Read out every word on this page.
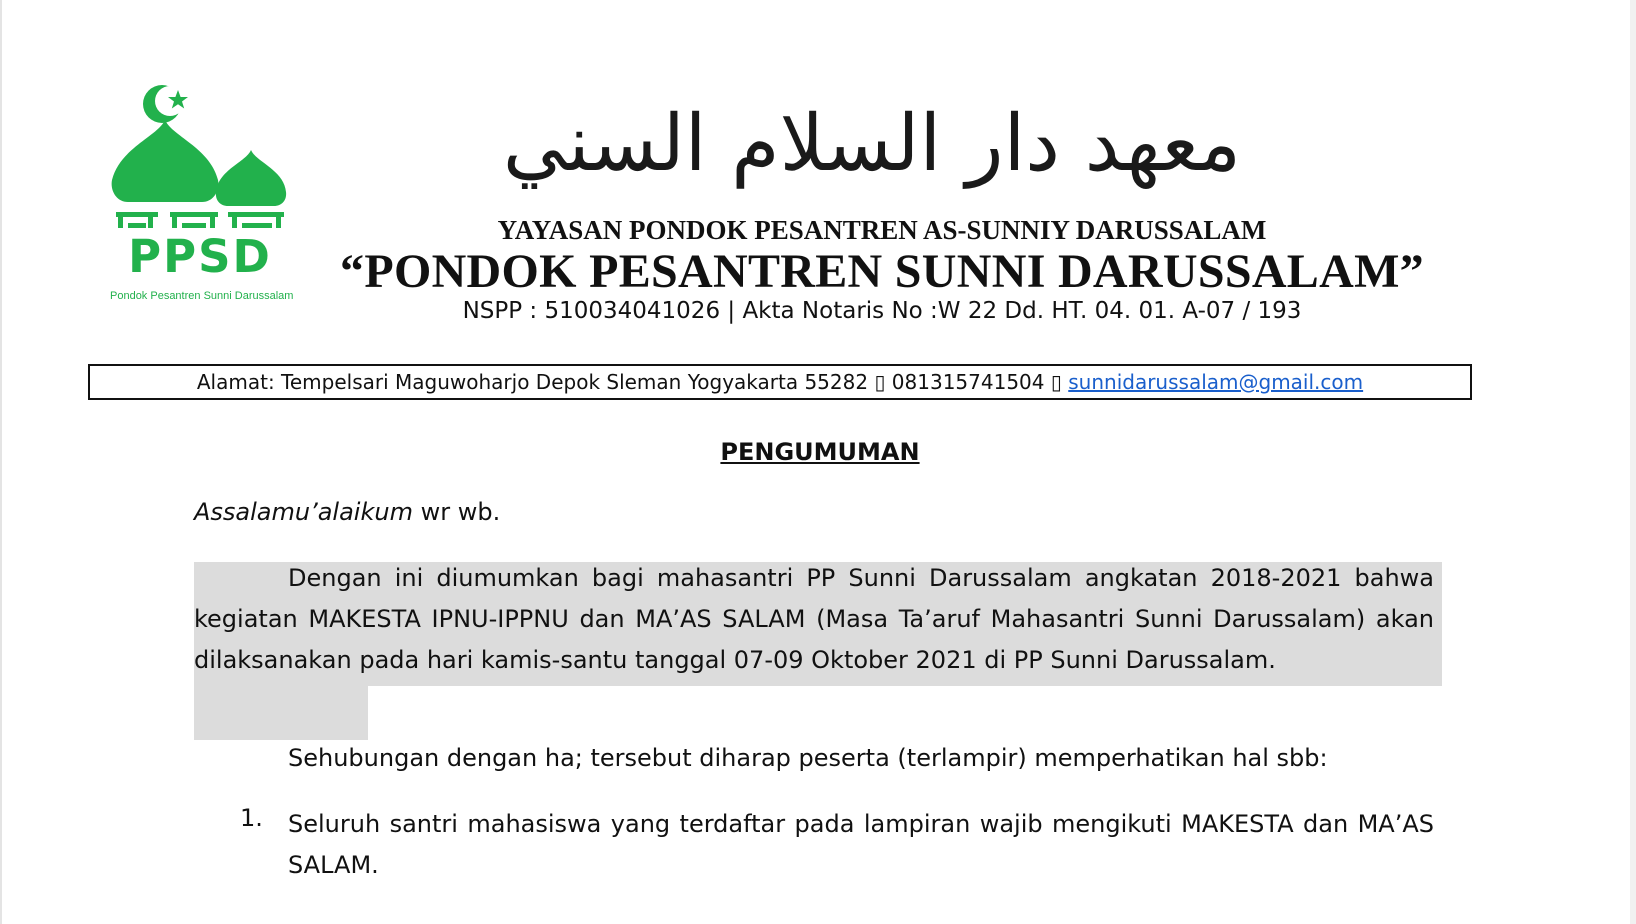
PPSD
Pondok Pesantren Sunni Darussalam
معهد دار السلام السني
YAYASAN PONDOK PESANTREN AS-SUNNIY DARUSSALAM
“PONDOK PESANTREN SUNNI DARUSSALAM”
NSPP : 510034041026 | Akta Notaris No :W 22 Dd. HT. 04. 01. A-07 / 193
Alamat: Tempelsari Maguwoharjo Depok Sleman Yogyakarta 55282 ▯ 081315741504 ▯ sunnidarussalam@gmail.com
PENGUMUMAN
Assalamu’alaikum wr wb.
Dengan ini diumumkan bagi mahasantri PP Sunni Darussalam angkatan 2018-2021 bahwa kegiatan MAKESTA IPNU-IPPNU dan MA’AS SALAM (Masa Ta’aruf Mahasantri Sunni Darussalam) akan dilaksanakan pada hari kamis-santu tanggal 07-09 Oktober 2021 di PP Sunni Darussalam.
Sehubungan dengan ha; tersebut diharap peserta (terlampir) memperhatikan hal sbb:
1. Seluruh santri mahasiswa yang terdaftar pada lampiran wajib mengikuti MAKESTA dan MA’AS SALAM.
